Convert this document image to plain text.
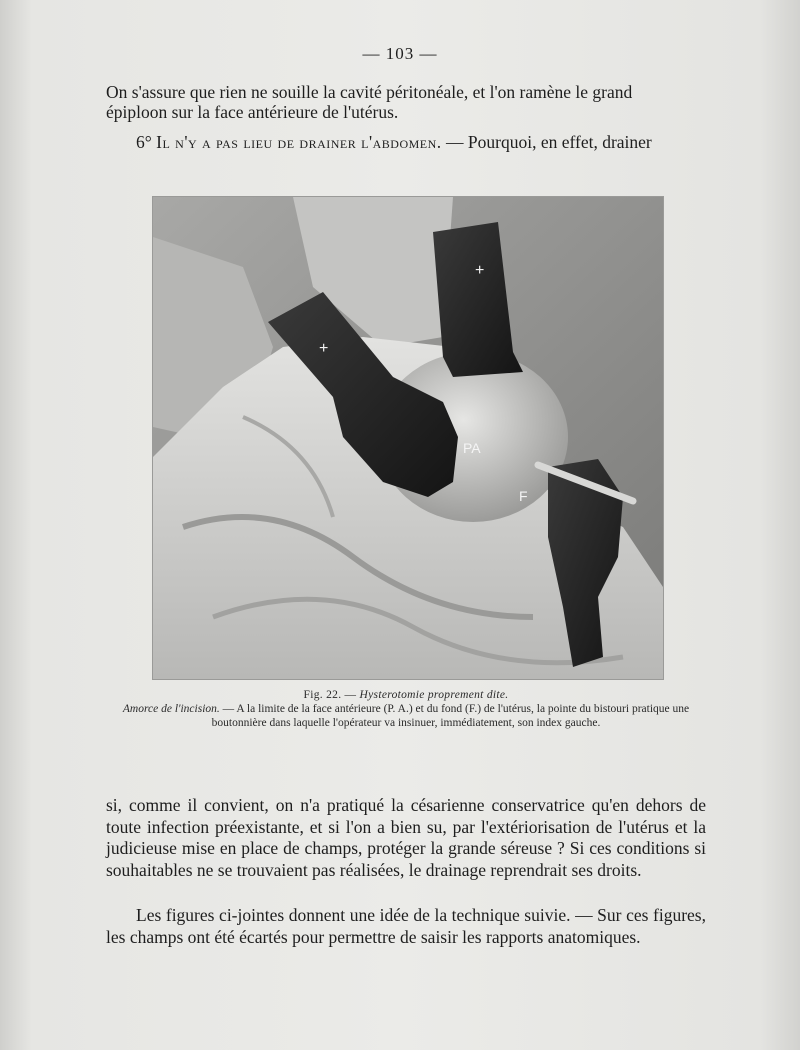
— 103 —
On s'assure que rien ne souille la cavité péritonéale, et l'on ramène le grand
épiploon sur la face antérieure de l'utérus.
6° Il n'y a pas lieu de drainer l'abdomen. — Pourquoi, en effet, drainer
+
+
PA
F
Fig. 22. — Hysterotomie proprement dite.
Amorce de l'incision. — A la limite de la face antérieure (P. A.) et du fond (F.) de l'utérus, la pointe du bistouri pratique une boutonnière dans laquelle l'opérateur va insinuer, immédiatement, son index gauche.
si, comme il convient, on n'a pratiqué la césarienne conservatrice qu'en dehors de toute infection préexistante, et si l'on a bien su, par l'extériorisation de l'utérus et la judicieuse mise en place de champs, protéger la grande séreuse ? Si ces conditions si souhaitables ne se trouvaient pas réalisées, le drainage reprendrait ses droits.
Les figures ci-jointes donnent une idée de la technique suivie. — Sur ces figures, les champs ont été écartés pour permettre de saisir les rapports anatomiques.
